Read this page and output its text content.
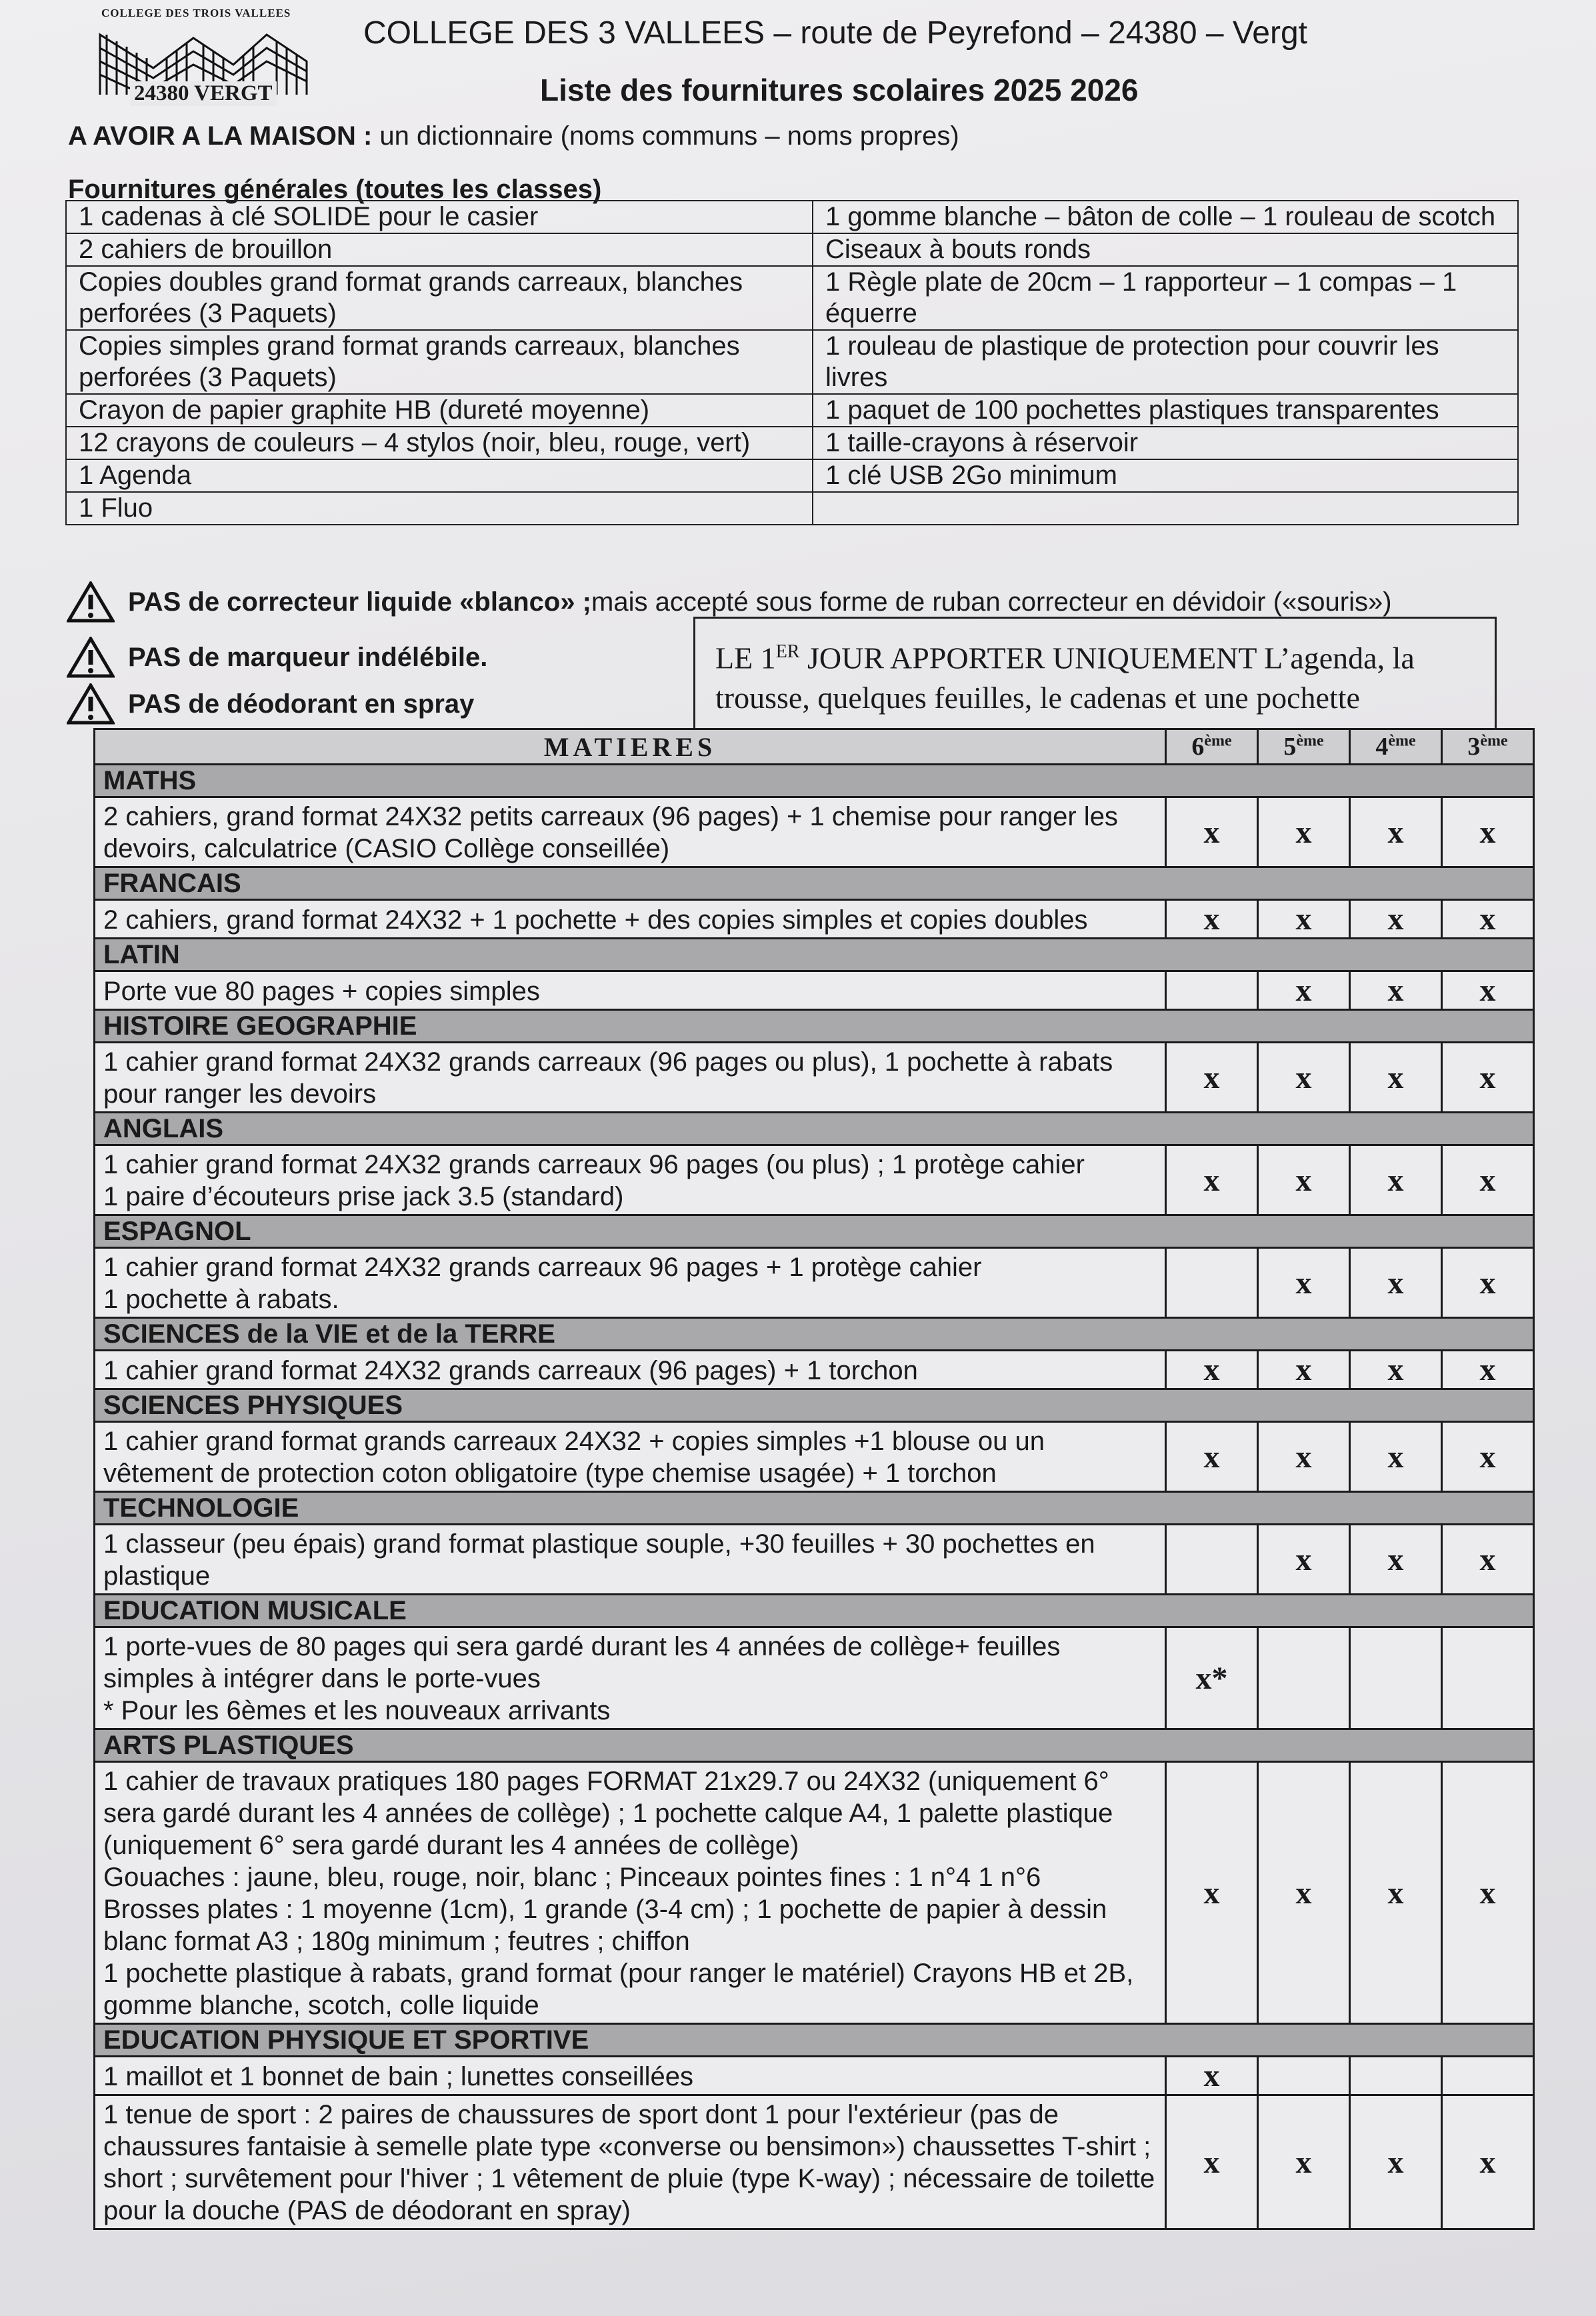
COLLEGE DES TROIS VALLEES
24380 VERGT
COLLEGE DES 3 VALLEES – route de Peyrefond – 24380 – Vergt
Liste des fournitures scolaires 2025 2026
A AVOIR A LA MAISON : un dictionnaire (noms communs – noms propres)
Fournitures générales (toutes les classes)
1 cadenas à clé SOLIDE pour le casier	1 gomme blanche – bâton de colle – 1 rouleau de scotch
2 cahiers de brouillon	Ciseaux à bouts ronds
Copies doubles grand format grands carreaux, blanches perforées (3 Paquets)	1 Règle plate de 20cm – 1 rapporteur – 1 compas – 1 équerre
Copies simples grand format grands carreaux, blanches perforées (3 Paquets)	1 rouleau de plastique de protection pour couvrir les livres
Crayon de papier graphite HB (dureté moyenne)	1 paquet de 100 pochettes plastiques transparentes
12 crayons de couleurs – 4 stylos (noir, bleu, rouge, vert)	1 taille-crayons à réservoir
1 Agenda	1 clé USB 2Go minimum
1 Fluo	
PAS de correcteur liquide «blanco» ; mais accepté sous forme de ruban correcteur en dévidoir («souris»)
PAS de marqueur indélébile.
PAS de déodorant en spray
LE 1ER JOUR APPORTER UNIQUEMENT L’agenda, la trousse, quelques feuilles, le cadenas et une pochette
MATIERES	6ème	5ème	4ème	3ème
MATHS				
2 cahiers, grand format 24X32 petits carreaux (96 pages) + 1 chemise pour ranger les devoirs, calculatrice (CASIO Collège conseillée)	x	x	x	x
FRANCAIS				
2 cahiers, grand format 24X32 + 1 pochette + des copies simples et copies doubles	x	x	x	x
LATIN				
Porte vue 80 pages + copies simples		x	x	x
HISTOIRE GEOGRAPHIE				
1 cahier grand format 24X32 grands carreaux (96 pages ou plus), 1 pochette à rabats pour ranger les devoirs	x	x	x	x
ANGLAIS				
1 cahier grand format 24X32 grands carreaux 96 pages (ou plus) ; 1 protège cahier
1 paire d’écouteurs prise jack 3.5 (standard)	x	x	x	x
ESPAGNOL				
1 cahier grand format 24X32 grands carreaux 96 pages + 1 protège cahier
1 pochette à rabats.		x	x	x
SCIENCES de la VIE et de la TERRE				
1 cahier grand format 24X32 grands carreaux (96 pages) + 1 torchon	x	x	x	x
SCIENCES PHYSIQUES				
1 cahier grand format grands carreaux 24X32 + copies simples +1 blouse ou un vêtement de protection coton obligatoire (type chemise usagée) + 1 torchon	x	x	x	x
TECHNOLOGIE				
1 classeur (peu épais) grand format plastique souple, +30 feuilles + 30 pochettes en plastique		x	x	x
EDUCATION MUSICALE				
1 porte-vues de 80 pages qui sera gardé durant les 4 années de collège+ feuilles simples à intégrer dans le porte-vues
* Pour les 6èmes et les nouveaux arrivants	x*			
ARTS PLASTIQUES				
1 cahier de travaux pratiques 180 pages FORMAT 21x29.7 ou 24X32 (uniquement 6° sera gardé durant les 4 années de collège) ; 1 pochette calque A4, 1 palette plastique (uniquement 6° sera gardé durant les 4 années de collège)
Gouaches : jaune, bleu, rouge, noir, blanc ; Pinceaux pointes fines : 1 n°4 1 n°6
Brosses plates : 1 moyenne (1cm), 1 grande (3-4 cm) ; 1 pochette de papier à dessin blanc format A3 ; 180g minimum ; feutres ; chiffon
1 pochette plastique à rabats, grand format (pour ranger le matériel) Crayons HB et 2B, gomme blanche, scotch, colle liquide	x	x	x	x
EDUCATION PHYSIQUE ET SPORTIVE				
1 maillot et 1 bonnet de bain ; lunettes conseillées	x			
1 tenue de sport : 2 paires de chaussures de sport dont 1 pour l'extérieur (pas de chaussures fantaisie à semelle plate type «converse ou bensimon») chaussettes T-shirt ; short ; survêtement pour l'hiver ; 1 vêtement de pluie (type K-way) ; nécessaire de toilette pour la douche (PAS de déodorant en spray)	x	x	x	x
